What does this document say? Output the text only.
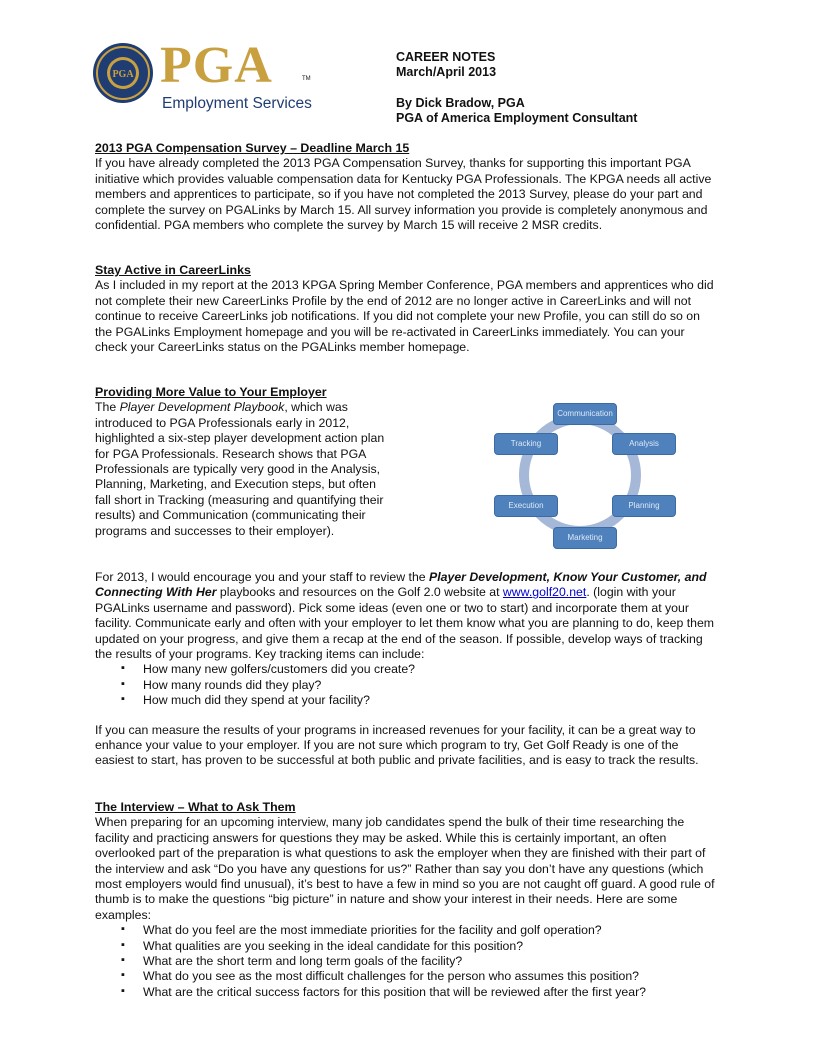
PGA PGA	TM
Employment Services
CAREER NOTES
March/April 2013
By Dick Bradow, PGA
PGA of America Employment Consultant
2013 PGA Compensation Survey – Deadline March 15

If you have already completed the 2013 PGA Compensation Survey, thanks for supporting this important PGA initiative which provides valuable compensation data for Kentucky PGA Professionals. The KPGA needs all active members and apprentices to participate, so if you have not completed the 2013 Survey, please do your part and complete the survey on PGALinks by March 15. All survey information you provide is completely anonymous and confidential. PGA members who complete the survey by March 15 will receive 2 MSR credits.

Stay Active in CareerLinks

As I included in my report at the 2013 KPGA Spring Member Conference, PGA members and apprentices who did not complete their new CareerLinks Profile by the end of 2012 are no longer active in CareerLinks and will not continue to receive CareerLinks job notifications. If you did not complete your new Profile, you can still do so on the PGALinks Employment homepage and you will be re-activated in CareerLinks immediately. You can your check your CareerLinks status on the PGALinks member homepage.

Providing More Value to Your Employer

The Player Development Playbook, which was introduced to PGA Professionals early in 2012, highlighted a six-step player development action plan for PGA Professionals. Research shows that PGA Professionals are typically very good in the Analysis, Planning, Marketing, and Execution steps, but often fall short in Tracking (measuring and quantifying their results) and Communication (communicating their programs and successes to their employer).

Communication
Analysis
Planning
Marketing
Execution
Tracking

For 2013, I would encourage you and your staff to review the Player Development, Know Your Customer, and Connecting With Her playbooks and resources on the Golf 2.0 website at www.golf20.net. (login with your PGALinks username and password). Pick some ideas (even one or two to start) and incorporate them at your facility. Communicate early and often with your employer to let them know what you are planning to do, keep them updated on your progress, and give them a recap at the end of the season. If possible, develop ways of tracking the results of your programs. Key tracking items can include:

▪ How many new golfers/customers did you create?
▪ How many rounds did they play?
▪ How much did they spend at your facility?

If you can measure the results of your programs in increased revenues for your facility, it can be a great way to enhance your value to your employer. If you are not sure which program to try, Get Golf Ready is one of the easiest to start, has proven to be successful at both public and private facilities, and is easy to track the results.

The Interview – What to Ask Them

When preparing for an upcoming interview, many job candidates spend the bulk of their time researching the facility and practicing answers for questions they may be asked. While this is certainly important, an often overlooked part of the preparation is what questions to ask the employer when they are finished with their part of the interview and ask “Do you have any questions for us?” Rather than say you don’t have any questions (which most employers would find unusual), it’s best to have a few in mind so you are not caught off guard. A good rule of thumb is to make the questions “big picture” in nature and show your interest in their needs. Here are some examples:

▪ What do you feel are the most immediate priorities for the facility and golf operation?
▪ What qualities are you seeking in the ideal candidate for this position?
▪ What are the short term and long term goals of the facility?
▪ What do you see as the most difficult challenges for the person who assumes this position?
▪ What are the critical success factors for this position that will be reviewed after the first year?
